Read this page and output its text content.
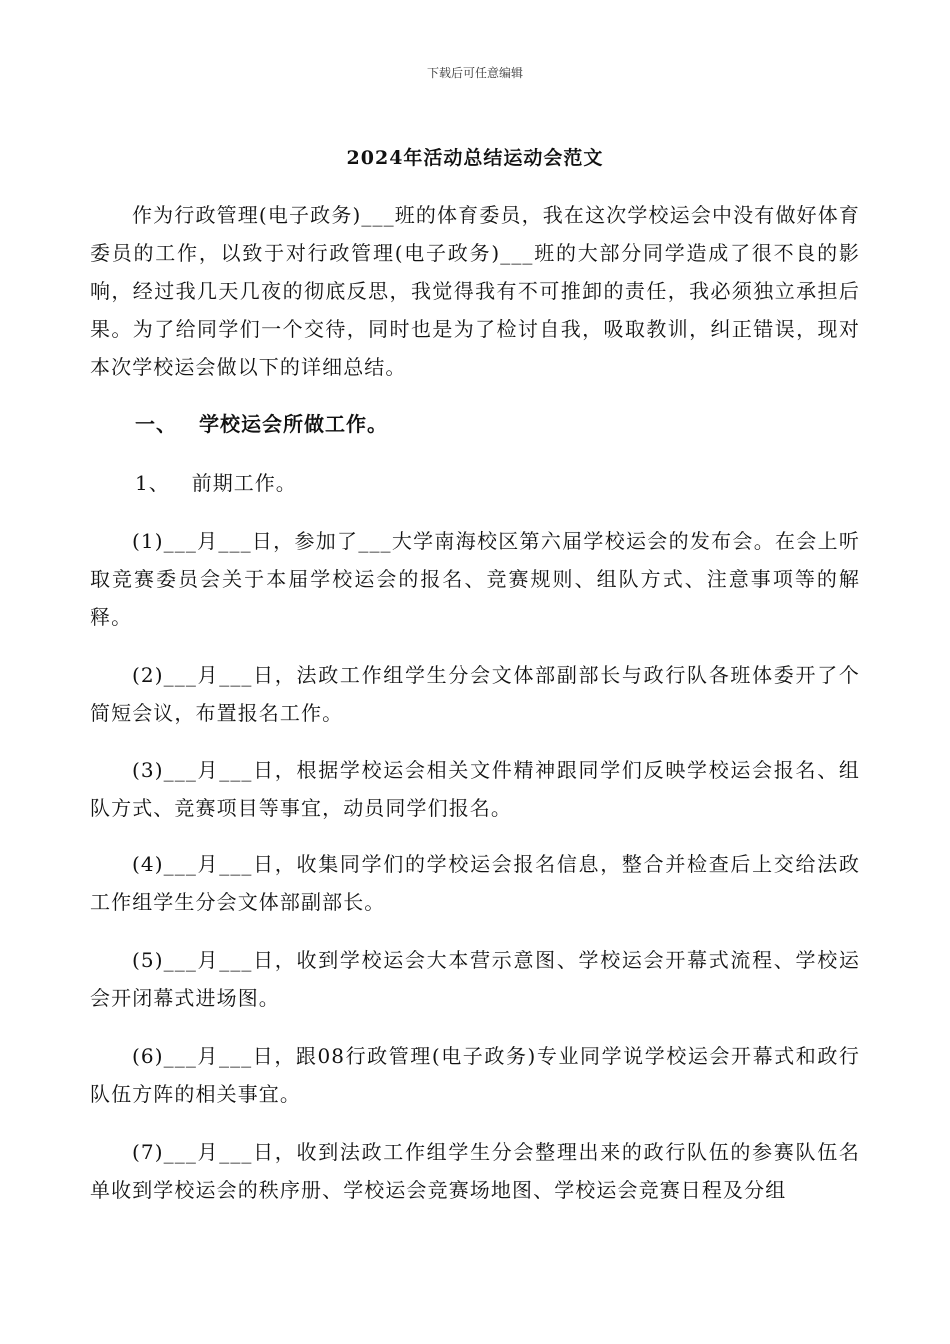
下载后可任意编辑
2024年活动总结运动会范文
作为行政管理(电子政务)___班的体育委员，我在这次学校运会中没有做好体育委员的工作，以致于对行政管理(电子政务)___班的大部分同学造成了很不良的影响，经过我几天几夜的彻底反思，我觉得我有不可推卸的责任，我必须独立承担后果。为了给同学们一个交待，同时也是为了检讨自我，吸取教训，纠正错误，现对本次学校运会做以下的详细总结。
一、 学校运会所做工作。
1、 前期工作。
(1)___月___日，参加了___大学南海校区第六届学校运会的发布会。在会上听取竞赛委员会关于本届学校运会的报名、竞赛规则、组队方式、注意事项等的解释。
(2)___月___日，法政工作组学生分会文体部副部长与政行队各班体委开了个简短会议，布置报名工作。
(3)___月___日，根据学校运会相关文件精神跟同学们反映学校运会报名、组队方式、竞赛项目等事宜，动员同学们报名。
(4)___月___日，收集同学们的学校运会报名信息，整合并检查后上交给法政工作组学生分会文体部副部长。
(5)___月___日，收到学校运会大本营示意图、学校运会开幕式流程、学校运会开闭幕式进场图。
(6)___月___日，跟08行政管理(电子政务)专业同学说学校运会开幕式和政行队伍方阵的相关事宜。
(7)___月___日，收到法政工作组学生分会整理出来的政行队伍的参赛队伍名单收到学校运会的秩序册、学校运会竞赛场地图、学校运会竞赛日程及分组
